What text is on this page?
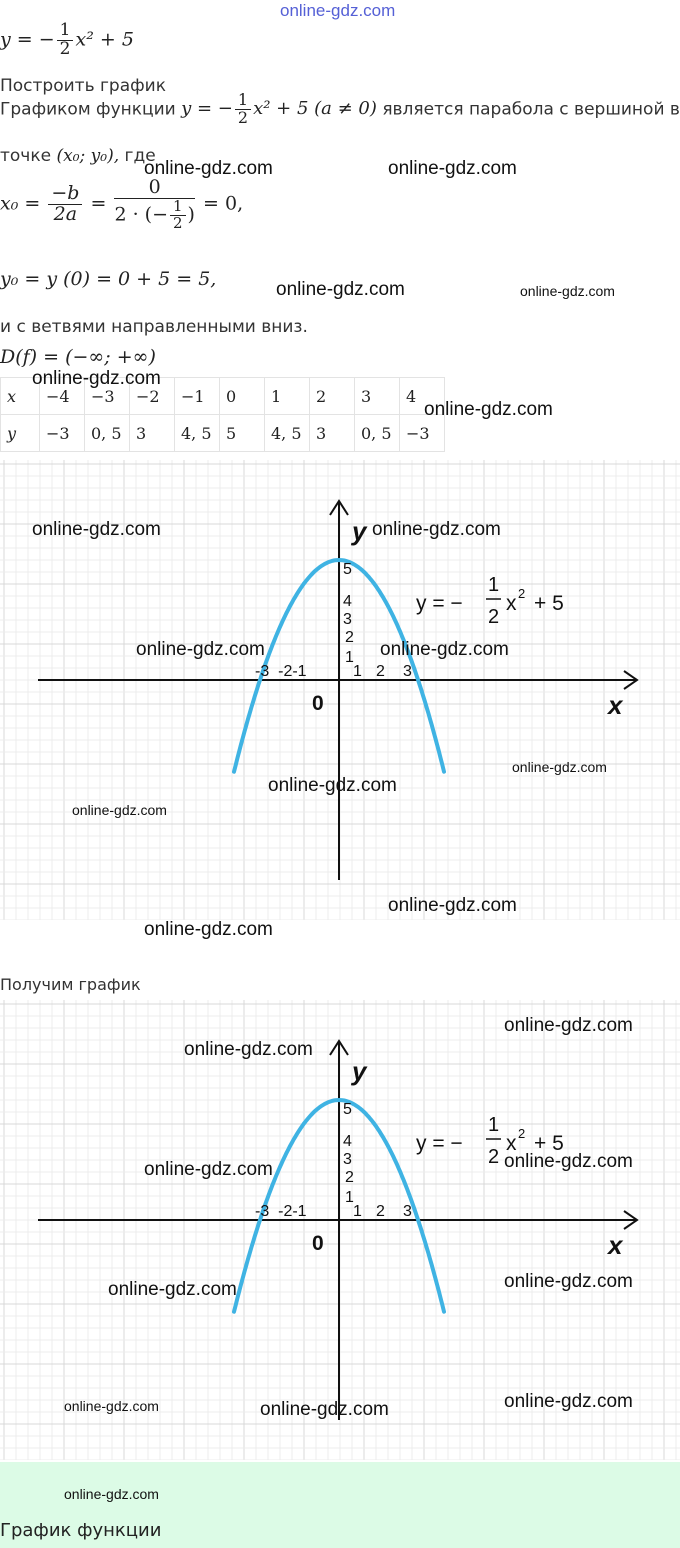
online-gdz.com
y = − $\frac{1}{2} x^2 + 5$
Построить график
Графиком функции y = − $\frac{1}{2} x^2 + 5$ (a ≠ 0) является парабола с вершиной в
точке (x₀; y₀), где
$x_0 = \frac{-b}{2a} = \frac{0}{2 \cdot (- \frac{1}{2} )} = 0$,
y₀ = y (0) = 0 + 5 = 5,
и с ветвями направленными вниз.
D(f) = (−∞; +∞)
x	−4	−3	−2	−1	0	1	2	3	4
y	−3	0, 5	3	4, 5	5	4, 5	3	0, 5	−3
y
x
0
-3  -2-1	1 2 3
5
4
3
2
1
y = −
1
2
x 2 + 5
Получим график
y
x
0
-3  -2-1	1 2 3
5
4
3
2
1
y = −
1
2
x 2 + 5
График функции
online-gdz.com	online-gdz.com
online-gdz.com	online-gdz.com
online-gdz.com
online-gdz.com
online-gdz.com	online-gdz.com
online-gdz.com	online-gdz.com
online-gdz.com
online-gdz.com
online-gdz.com
online-gdz.com
online-gdz.com
online-gdz.com
online-gdz.com
online-gdz.com
online-gdz.com
online-gdz.com
online-gdz.com
online-gdz.com
online-gdz.com	online-gdz.com
online-gdz.com
